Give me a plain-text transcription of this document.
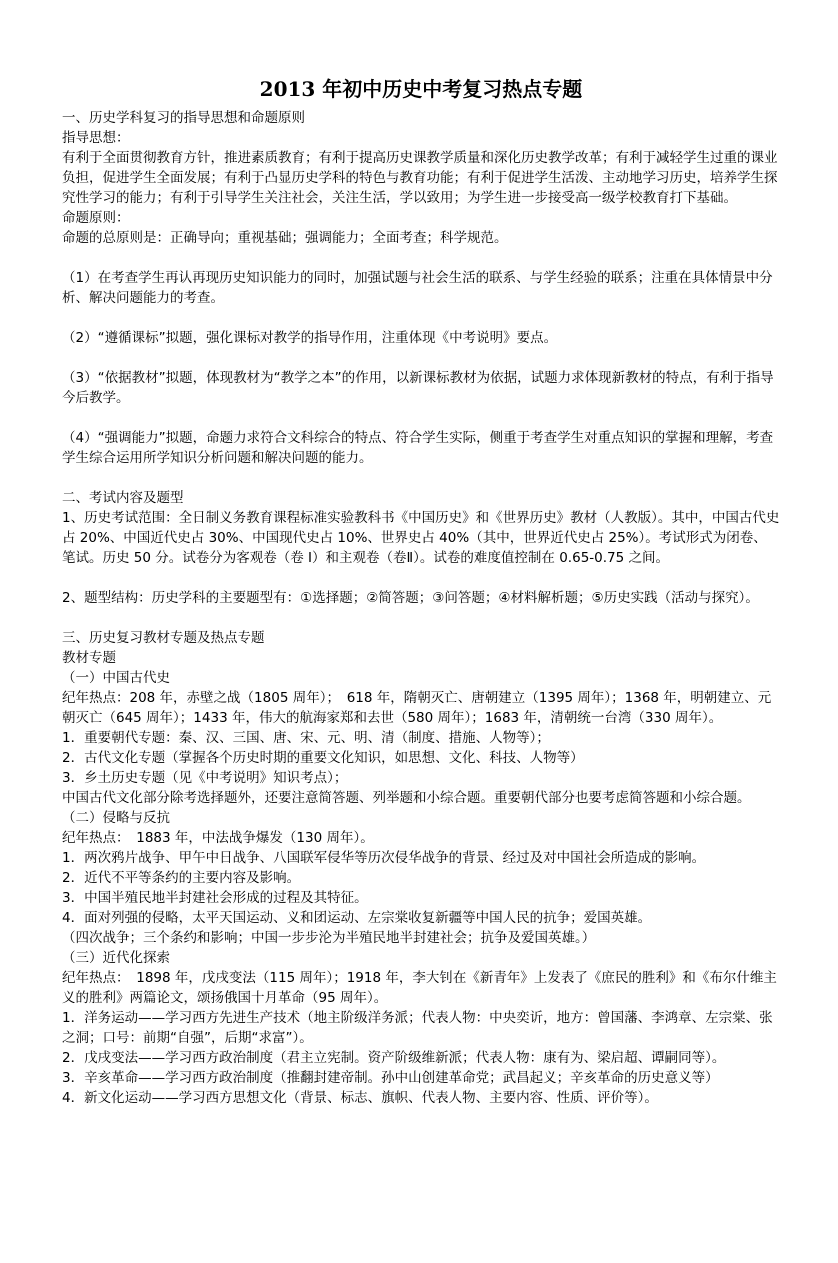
2013 年初中历史中考复习热点专题
一、历史学科复习的指导思想和命题原则
指导思想：
有利于全面贯彻教育方针，推进素质教育；有利于提高历史课教学质量和深化历史教学改革；有利于减轻学生过重的课业负担，促进学生全面发展；有利于凸显历史学科的特色与教育功能；有利于促进学生活泼、主动地学习历史，培养学生探究性学习的能力；有利于引导学生关注社会，关注生活，学以致用；为学生进一步接受高一级学校教育打下基础。
命题原则：
命题的总原则是：正确导向；重视基础；强调能力；全面考查；科学规范。
（1）在考查学生再认再现历史知识能力的同时，加强试题与社会生活的联系、与学生经验的联系；注重在具体情景中分析、解决问题能力的考查。
（2）“遵循课标”拟题，强化课标对教学的指导作用，注重体现《中考说明》要点。
（3）“依据教材”拟题，体现教材为“教学之本”的作用，以新课标教材为依据，试题力求体现新教材的特点，有利于指导今后教学。
（4）“强调能力”拟题，命题力求符合文科综合的特点、符合学生实际，侧重于考查学生对重点知识的掌握和理解，考查学生综合运用所学知识分析问题和解决问题的能力。
二、考试内容及题型
1、历史考试范围：全日制义务教育课程标准实验教科书《中国历史》和《世界历史》教材（人教版）。其中，中国古代史占 20%、中国近代史占 30%、中国现代史占 10%、世界史占 40%（其中，世界近代史占 25%）。考试形式为闭卷、笔试。历史 50 分。试卷分为客观卷（卷 I）和主观卷（卷Ⅱ）。试卷的难度值控制在 0.65-0.75 之间。
2、题型结构：历史学科的主要题型有：①选择题；②简答题；③问答题；④材料解析题；⑤历史实践（活动与探究）。
三、历史复习教材专题及热点专题
教材专题
（一）中国古代史
纪年热点：208 年，赤壁之战（1805 周年）；　618 年，隋朝灭亡、唐朝建立（1395 周年）；1368 年，明朝建立、元朝灭亡（645 周年）；1433 年，伟大的航海家郑和去世（580 周年）；1683 年，清朝统一台湾（330 周年）。
1．重要朝代专题：秦、汉、三国、唐、宋、元、明、清（制度、措施、人物等）；
2．古代文化专题（掌握各个历史时期的重要文化知识，如思想、文化、科技、人物等）
3．乡土历史专题（见《中考说明》知识考点）；
中国古代文化部分除考选择题外，还要注意简答题、列举题和小综合题。重要朝代部分也要考虑简答题和小综合题。
（二）侵略与反抗
纪年热点：　1883 年，中法战争爆发（130 周年）。
1．两次鸦片战争、甲午中日战争、八国联军侵华等历次侵华战争的背景、经过及对中国社会所造成的影响。
2．近代不平等条约的主要内容及影响。
3．中国半殖民地半封建社会形成的过程及其特征。
4．面对列强的侵略，太平天国运动、义和团运动、左宗棠收复新疆等中国人民的抗争；爱国英雄。
（四次战争；三个条约和影响；中国一步步沦为半殖民地半封建社会；抗争及爱国英雄。）
（三）近代化探索
纪年热点：　1898 年，戊戌变法（115 周年）；1918 年，李大钊在《新青年》上发表了《庶民的胜利》和《布尔什维主义的胜利》两篇论文，颂扬俄国十月革命（95 周年）。
1．洋务运动——学习西方先进生产技术（地主阶级洋务派；代表人物：中央奕䜣，地方：曾国藩、李鸿章、左宗棠、张之洞；口号：前期“自强”，后期“求富”）。
2．戊戌变法——学习西方政治制度（君主立宪制。资产阶级维新派；代表人物：康有为、梁启超、谭嗣同等）。
3．辛亥革命——学习西方政治制度（推翻封建帝制。孙中山创建革命党；武昌起义；辛亥革命的历史意义等）
4．新文化运动——学习西方思想文化（背景、标志、旗帜、代表人物、主要内容、性质、评价等）。
